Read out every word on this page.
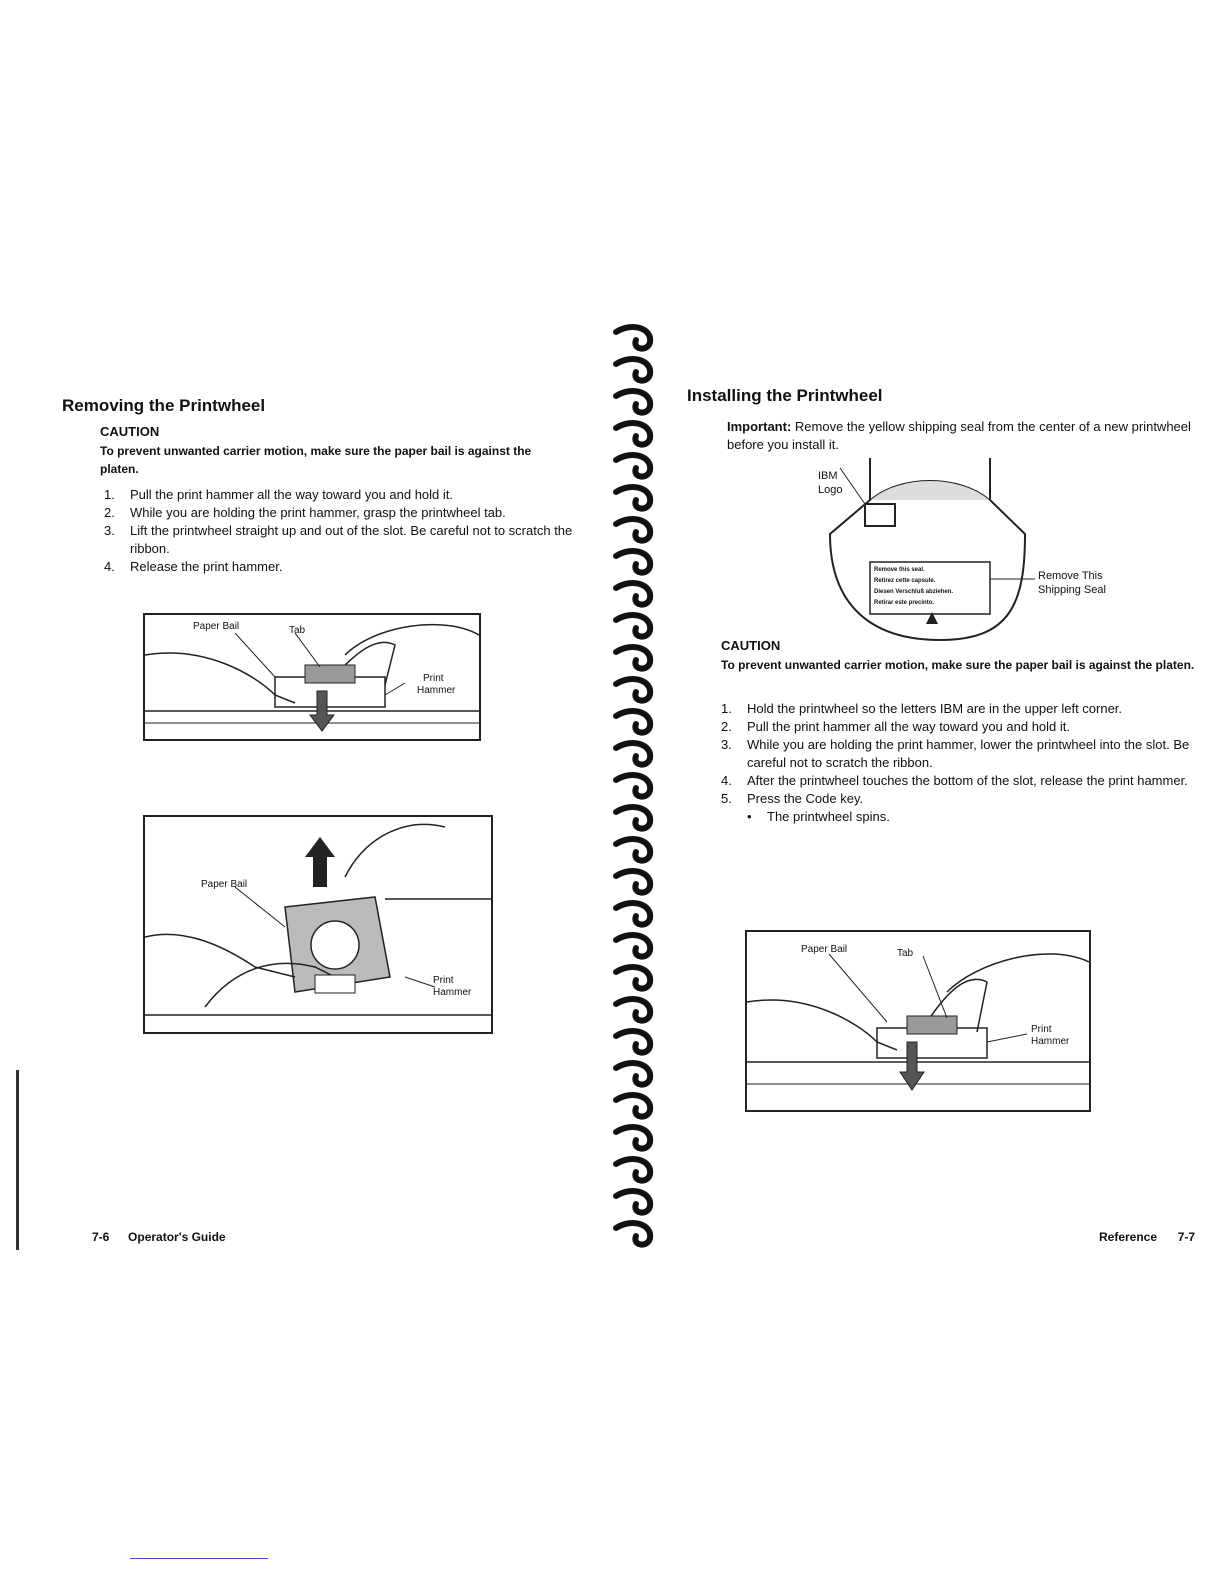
Removing the Printwheel
CAUTION
To prevent unwanted carrier motion, make sure the paper bail is against the platen.
1.	Pull the print hammer all the way toward you and hold it.
2.	While you are holding the print hammer, grasp the printwheel tab.
3.	Lift the printwheel straight up and out of the slot. Be careful not to scratch the ribbon.
4.	Release the print hammer.
Paper Bail	Tab
Print
Hammer
Paper Bail
Print
Hammer
7-6 Operator's Guide
Installing the Printwheel
Important: Remove the yellow shipping seal from the center of a new printwheel before you install it.
IBM
Logo
Remove this seal.
Retirez cette capsule.
Diesen Verschluß abziehen.
Retirar este precinto.
Remove This
Shipping Seal
CAUTION
To prevent unwanted carrier motion, make sure the paper bail is against the platen.
1.	Hold the printwheel so the letters IBM are in the upper left corner.
2.	Pull the print hammer all the way toward you and hold it.
3.	While you are holding the print hammer, lower the printwheel into the slot. Be careful not to scratch the ribbon.
4.	After the printwheel touches the bottom of the slot, release the print hammer.
5.	Press the Code key.
•	The printwheel spins.
Paper Bail	Tab
Print
Hammer
Reference 7-7
